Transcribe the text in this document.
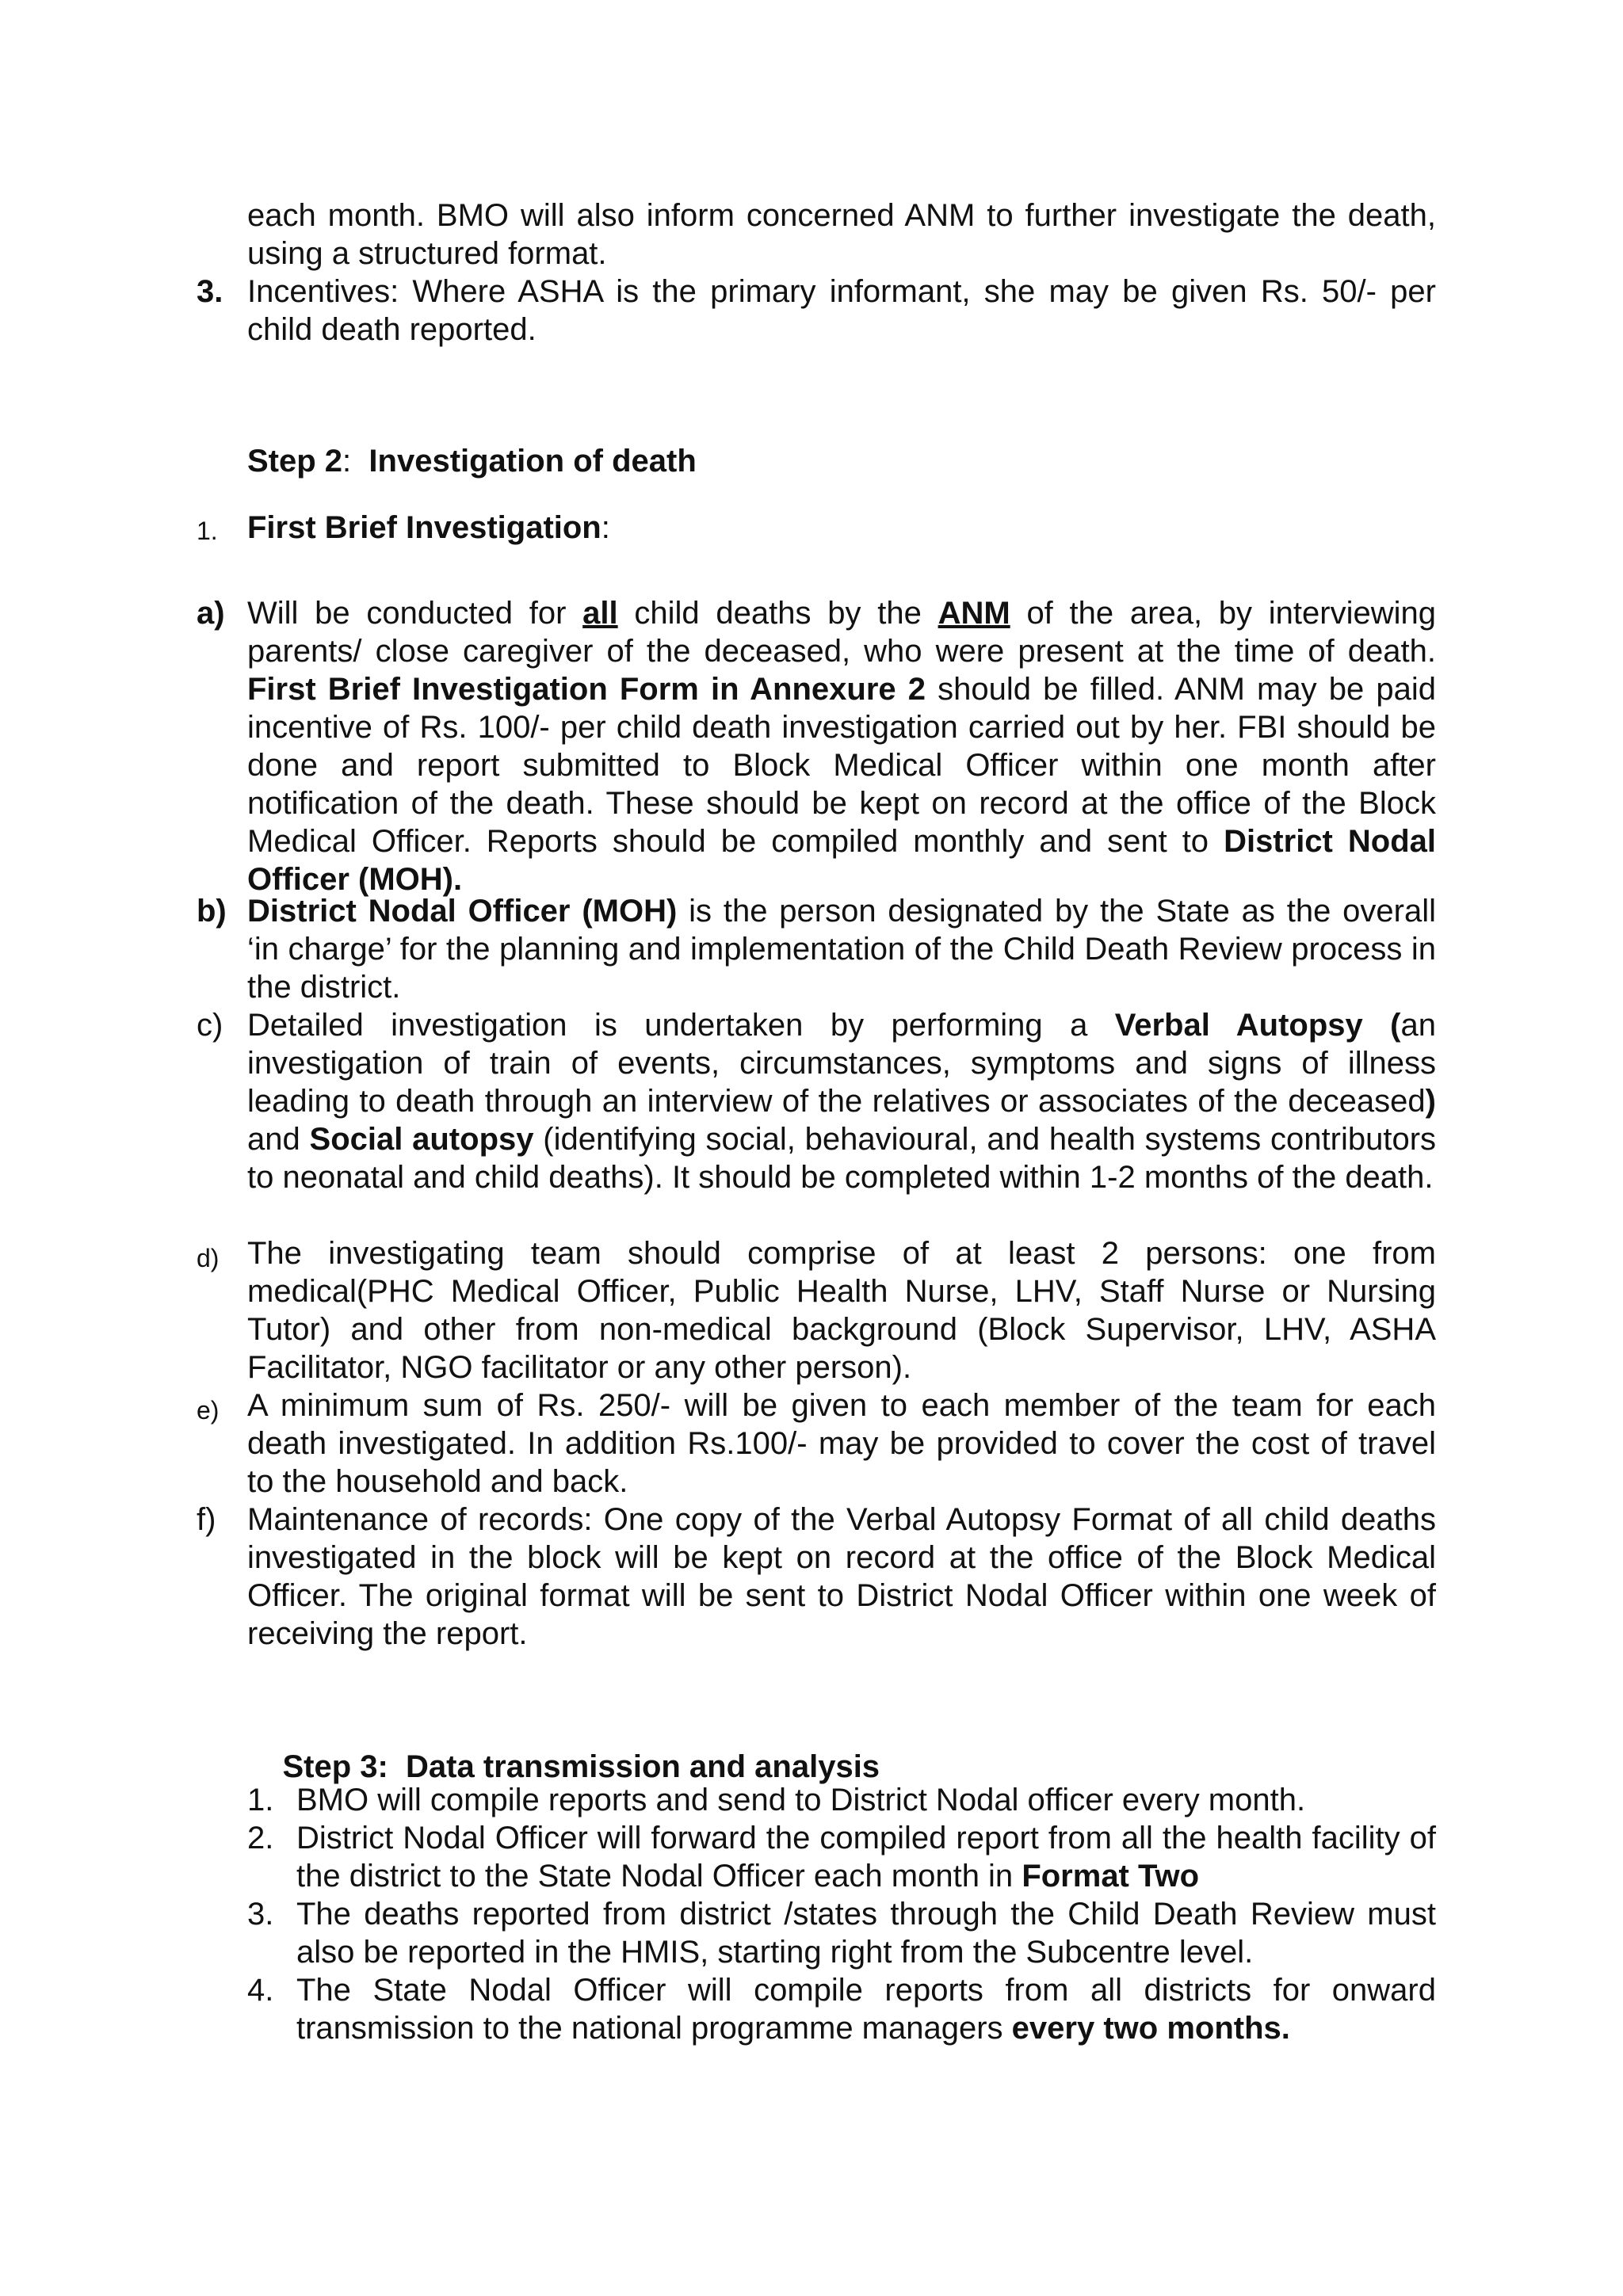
each month. BMO will also inform concerned ANM to further investigate the death, using a structured format.
3. Incentives: Where ASHA is the primary informant, she may be given Rs. 50/- per child death reported.
Step 2: Investigation of death
1. First Brief Investigation:
a) Will be conducted for all child deaths by the ANM of the area, by interviewing parents/ close caregiver of the deceased, who were present at the time of death. First Brief Investigation Form in Annexure 2 should be filled. ANM may be paid incentive of Rs. 100/- per child death investigation carried out by her. FBI should be done and report submitted to Block Medical Officer within one month after notification of the death. These should be kept on record at the office of the Block Medical Officer. Reports should be compiled monthly and sent to District Nodal Officer (MOH).
b) District Nodal Officer (MOH) is the person designated by the State as the overall ‘in charge’ for the planning and implementation of the Child Death Review process in the district.
c) Detailed investigation is undertaken by performing a Verbal Autopsy (an investigation of train of events, circumstances, symptoms and signs of illness leading to death through an interview of the relatives or associates of the deceased) and Social autopsy (identifying social, behavioural, and health systems contributors to neonatal and child deaths). It should be completed within 1-2 months of the death.
d) The investigating team should comprise of at least 2 persons: one from medical(PHC Medical Officer, Public Health Nurse, LHV, Staff Nurse or Nursing Tutor) and other from non-medical background (Block Supervisor, LHV, ASHA Facilitator, NGO facilitator or any other person).
e) A minimum sum of Rs. 250/- will be given to each member of the team for each death investigated. In addition Rs.100/- may be provided to cover the cost of travel to the household and back.
f) Maintenance of records: One copy of the Verbal Autopsy Format of all child deaths investigated in the block will be kept on record at the office of the Block Medical Officer. The original format will be sent to District Nodal Officer within one week of receiving the report.

Step 3:  Data transmission and analysis

1. BMO will compile reports and send to District Nodal officer every month.
2. District Nodal Officer will forward the compiled report from all the health facility of the district to the State Nodal Officer each month in Format Two
3. The deaths reported from district /states through the Child Death Review must also be reported in the HMIS, starting right from the Subcentre level.
4. The State Nodal Officer will compile reports from all districts for onward transmission to the national programme managers every two months.
